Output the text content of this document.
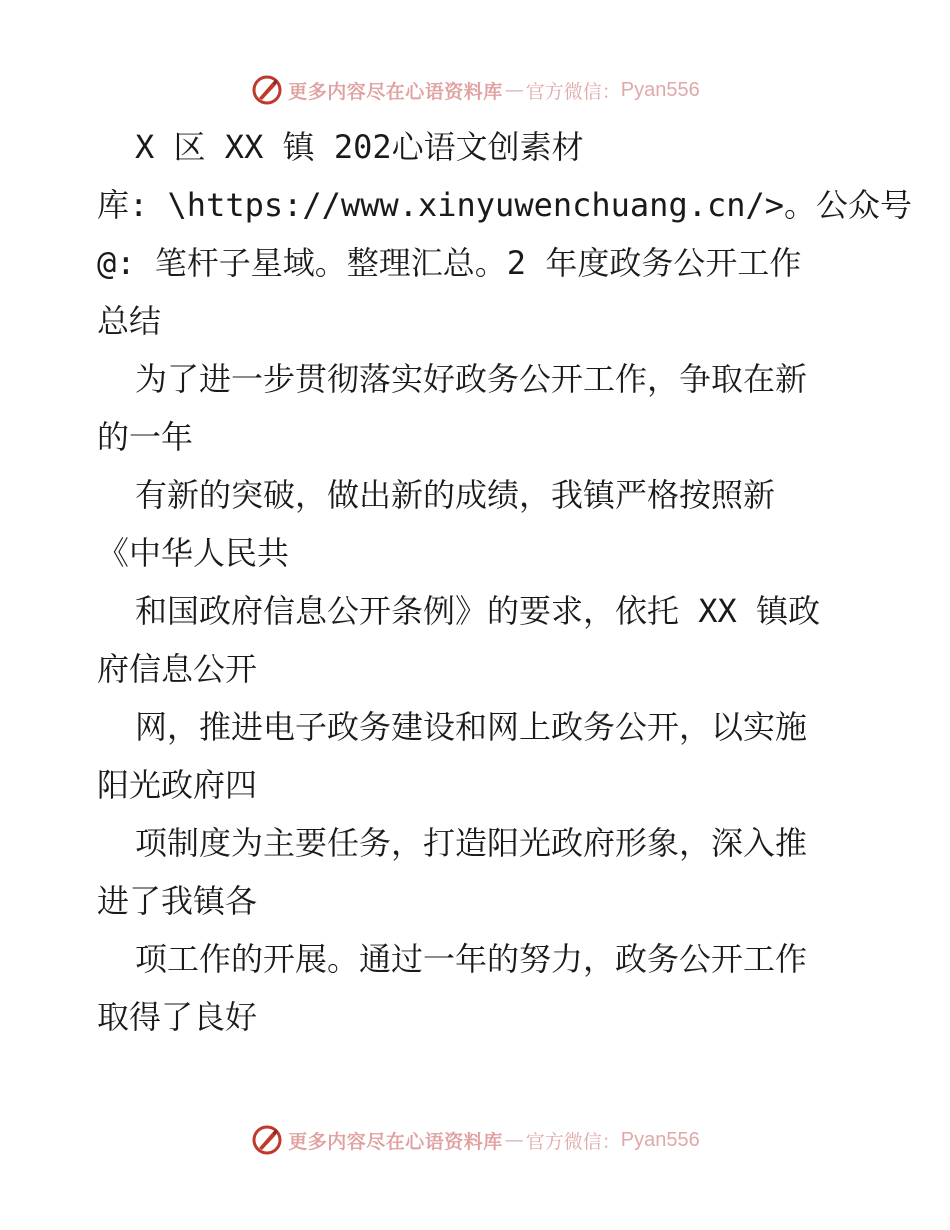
更多内容尽在心语资料库 — 官方微信： Pyan556
X 区 XX 镇 202心语文创素材
库: \https://www.xinyuwenchuang.cn/>。公众号
@: 笔杆子星域。整理汇总。2 年度政务公开工作
总结
为了进一步贯彻落实好政务公开工作，争取在新
的一年
有新的突破，做出新的成绩，我镇严格按照新
《中华人民共
和国政府信息公开条例》的要求，依托 XX 镇政
府信息公开
网，推进电子政务建设和网上政务公开，以实施
阳光政府四
项制度为主要任务，打造阳光政府形象，深入推
进了我镇各
项工作的开展。通过一年的努力，政务公开工作
取得了良好
更多内容尽在心语资料库 — 官方微信： Pyan556
